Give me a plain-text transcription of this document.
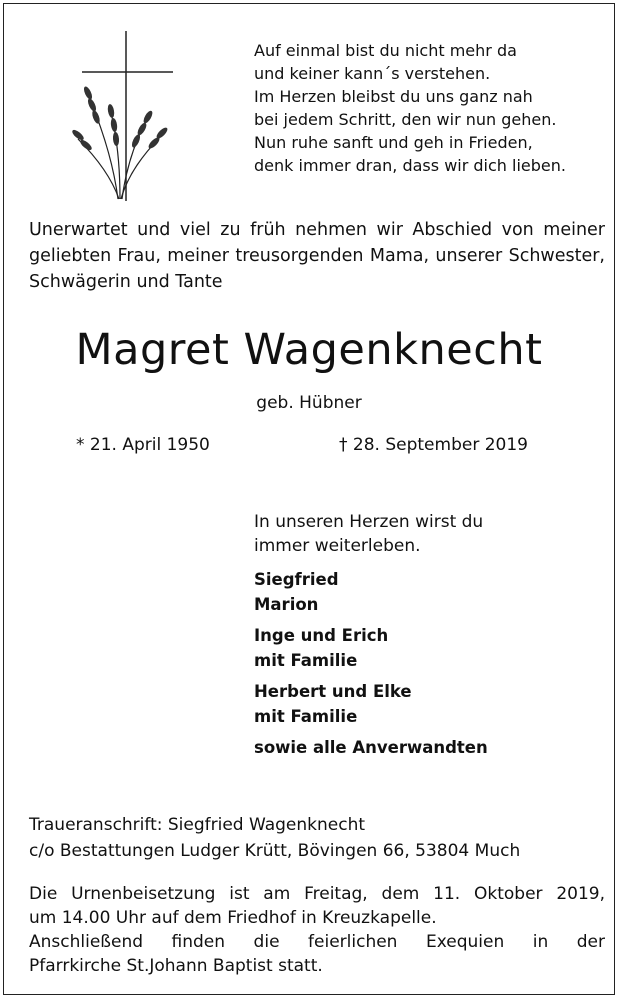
Auf einmal bist du nicht mehr da
und keiner kann´s verstehen.
Im Herzen bleibst du uns ganz nah
bei jedem Schritt, den wir nun gehen.
Nun ruhe sanft und geh in Frieden,
denk immer dran, dass wir dich lieben.
Unerwartet und viel zu früh nehmen wir Abschied von meiner geliebten Frau, meiner treusorgenden Mama, unserer Schwester, Schwägerin und Tante
Magret Wagenknecht
geb. Hübner
* 21. April 1950	† 28. September 2019
In unseren Herzen wirst du
immer weiterleben.
Siegfried
Marion
Inge und Erich
mit Familie
Herbert und Elke
mit Familie
sowie alle Anverwandten
Traueranschrift: Siegfried Wagenknecht
c/o Bestattungen Ludger Krütt, Bövingen 66, 53804 Much
Die Urnenbeisetzung ist am Freitag, dem 11. Oktober 2019,
um 14.00 Uhr auf dem Friedhof in Kreuzkapelle.
Anschließend finden die feierlichen Exequien in der
Pfarrkirche St.Johann Baptist statt.
